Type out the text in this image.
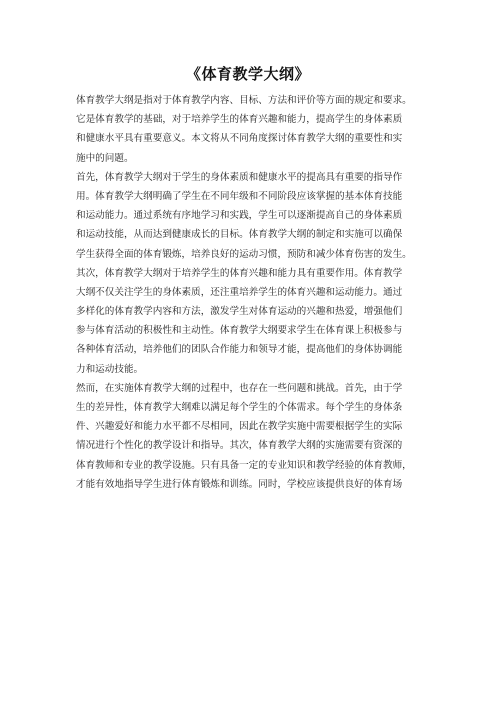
《体育教学大纲》
体育教学大纲是指对于体育教学内容、目标、方法和评价等方面的规定和要求。
它是体育教学的基础，对于培养学生的体育兴趣和能力，提高学生的身体素质
和健康水平具有重要意义。本文将从不同角度探讨体育教学大纲的重要性和实
施中的问题。
首先，体育教学大纲对于学生的身体素质和健康水平的提高具有重要的指导作
用。体育教学大纲明确了学生在不同年级和不同阶段应该掌握的基本体育技能
和运动能力。通过系统有序地学习和实践，学生可以逐渐提高自己的身体素质
和运动技能，从而达到健康成长的目标。体育教学大纲的制定和实施可以确保
学生获得全面的体育锻炼，培养良好的运动习惯，预防和减少体育伤害的发生。
其次，体育教学大纲对于培养学生的体育兴趣和能力具有重要作用。体育教学
大纲不仅关注学生的身体素质，还注重培养学生的体育兴趣和运动能力。通过
多样化的体育教学内容和方法，激发学生对体育运动的兴趣和热爱，增强他们
参与体育活动的积极性和主动性。体育教学大纲要求学生在体育课上积极参与
各种体育活动，培养他们的团队合作能力和领导才能，提高他们的身体协调能
力和运动技能。
然而，在实施体育教学大纲的过程中，也存在一些问题和挑战。首先，由于学
生的差异性，体育教学大纲难以满足每个学生的个体需求。每个学生的身体条
件、兴趣爱好和能力水平都不尽相同，因此在教学实施中需要根据学生的实际
情况进行个性化的教学设计和指导。其次，体育教学大纲的实施需要有资深的
体育教师和专业的教学设施。只有具备一定的专业知识和教学经验的体育教师，
才能有效地指导学生进行体育锻炼和训练。同时，学校应该提供良好的体育场
